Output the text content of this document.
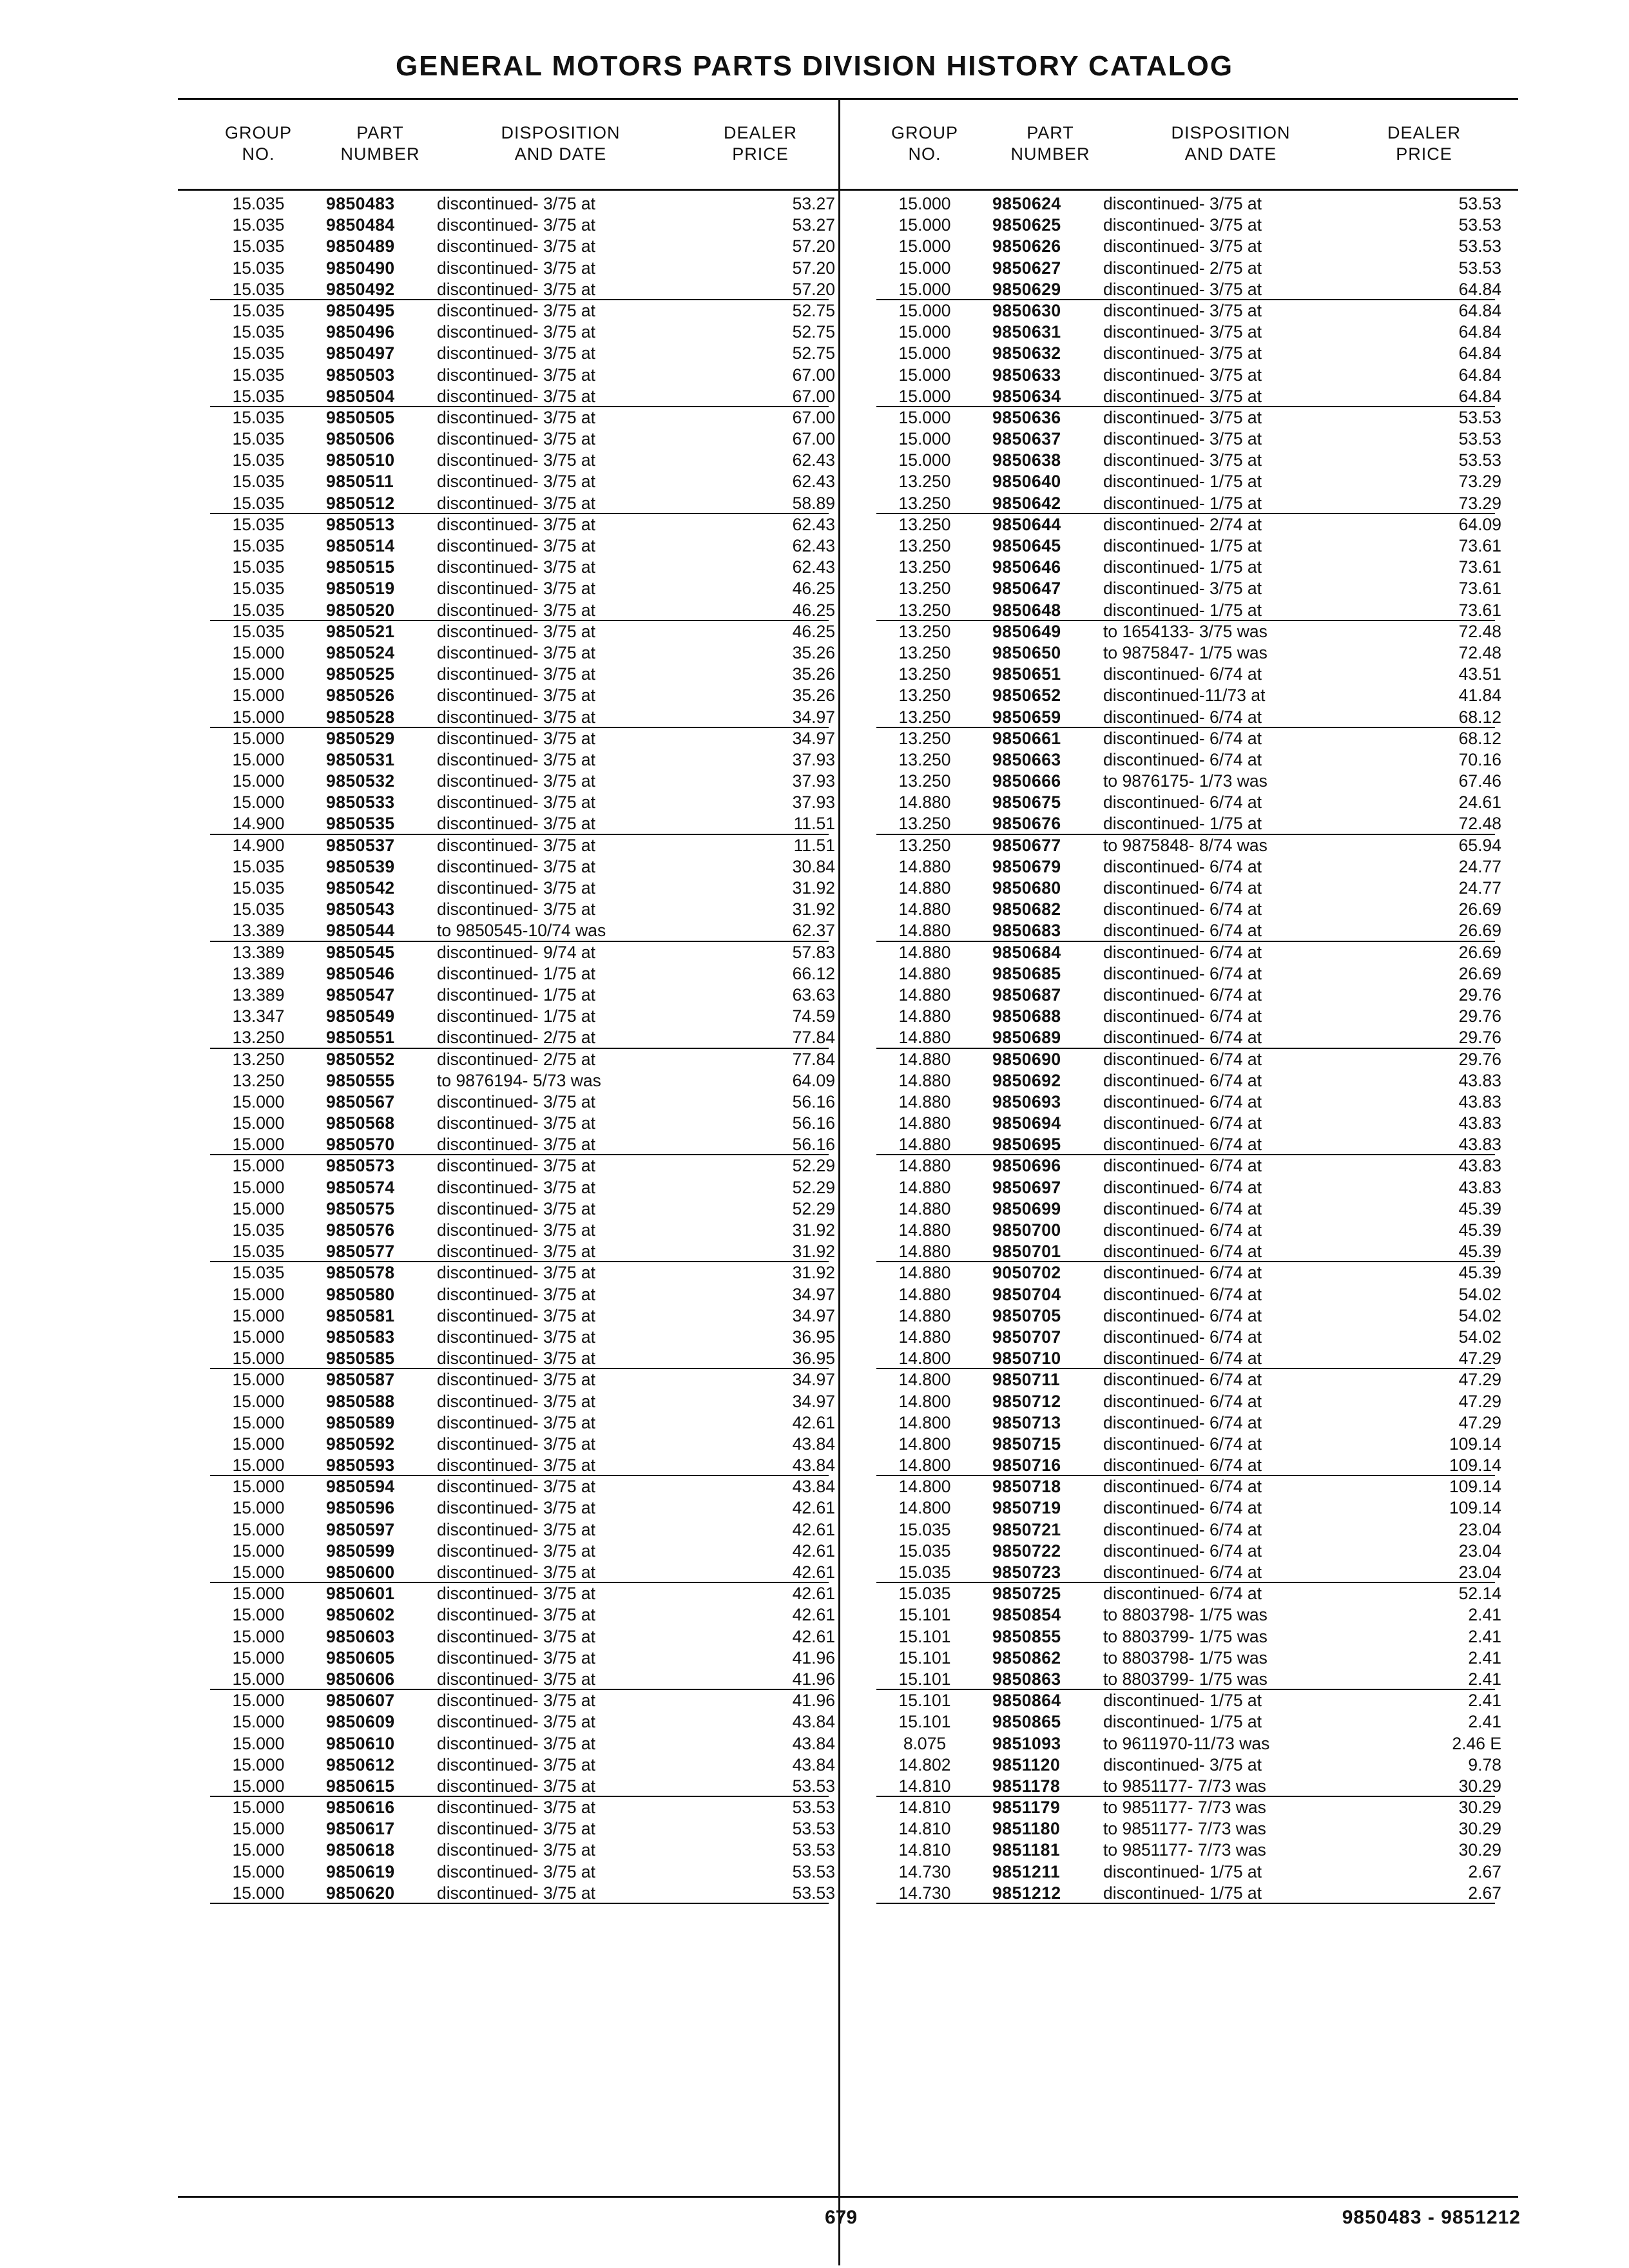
GENERAL MOTORS PARTS DIVISION HISTORY CATALOG
GROUP
NO.
PART
NUMBER
DISPOSITION
AND DATE
DEALER
PRICE
GROUP
NO.
PART
NUMBER
DISPOSITION
AND DATE
DEALER
PRICE
15.035	9850483	discontinued- 3/75 at	53.27
15.035	9850484	discontinued- 3/75 at	53.27
15.035	9850489	discontinued- 3/75 at	57.20
15.035	9850490	discontinued- 3/75 at	57.20
15.035	9850492	discontinued- 3/75 at	57.20
15.035	9850495	discontinued- 3/75 at	52.75
15.035	9850496	discontinued- 3/75 at	52.75
15.035	9850497	discontinued- 3/75 at	52.75
15.035	9850503	discontinued- 3/75 at	67.00
15.035	9850504	discontinued- 3/75 at	67.00
15.035	9850505	discontinued- 3/75 at	67.00
15.035	9850506	discontinued- 3/75 at	67.00
15.035	9850510	discontinued- 3/75 at	62.43
15.035	9850511	discontinued- 3/75 at	62.43
15.035	9850512	discontinued- 3/75 at	58.89
15.035	9850513	discontinued- 3/75 at	62.43
15.035	9850514	discontinued- 3/75 at	62.43
15.035	9850515	discontinued- 3/75 at	62.43
15.035	9850519	discontinued- 3/75 at	46.25
15.035	9850520	discontinued- 3/75 at	46.25
15.035	9850521	discontinued- 3/75 at	46.25
15.000	9850524	discontinued- 3/75 at	35.26
15.000	9850525	discontinued- 3/75 at	35.26
15.000	9850526	discontinued- 3/75 at	35.26
15.000	9850528	discontinued- 3/75 at	34.97
15.000	9850529	discontinued- 3/75 at	34.97
15.000	9850531	discontinued- 3/75 at	37.93
15.000	9850532	discontinued- 3/75 at	37.93
15.000	9850533	discontinued- 3/75 at	37.93
14.900	9850535	discontinued- 3/75 at	11.51
14.900	9850537	discontinued- 3/75 at	11.51
15.035	9850539	discontinued- 3/75 at	30.84
15.035	9850542	discontinued- 3/75 at	31.92
15.035	9850543	discontinued- 3/75 at	31.92
13.389	9850544	to 9850545-10/74 was	62.37
13.389	9850545	discontinued- 9/74 at	57.83
13.389	9850546	discontinued- 1/75 at	66.12
13.389	9850547	discontinued- 1/75 at	63.63
13.347	9850549	discontinued- 1/75 at	74.59
13.250	9850551	discontinued- 2/75 at	77.84
13.250	9850552	discontinued- 2/75 at	77.84
13.250	9850555	to 9876194- 5/73 was	64.09
15.000	9850567	discontinued- 3/75 at	56.16
15.000	9850568	discontinued- 3/75 at	56.16
15.000	9850570	discontinued- 3/75 at	56.16
15.000	9850573	discontinued- 3/75 at	52.29
15.000	9850574	discontinued- 3/75 at	52.29
15.000	9850575	discontinued- 3/75 at	52.29
15.035	9850576	discontinued- 3/75 at	31.92
15.035	9850577	discontinued- 3/75 at	31.92
15.035	9850578	discontinued- 3/75 at	31.92
15.000	9850580	discontinued- 3/75 at	34.97
15.000	9850581	discontinued- 3/75 at	34.97
15.000	9850583	discontinued- 3/75 at	36.95
15.000	9850585	discontinued- 3/75 at	36.95
15.000	9850587	discontinued- 3/75 at	34.97
15.000	9850588	discontinued- 3/75 at	34.97
15.000	9850589	discontinued- 3/75 at	42.61
15.000	9850592	discontinued- 3/75 at	43.84
15.000	9850593	discontinued- 3/75 at	43.84
15.000	9850594	discontinued- 3/75 at	43.84
15.000	9850596	discontinued- 3/75 at	42.61
15.000	9850597	discontinued- 3/75 at	42.61
15.000	9850599	discontinued- 3/75 at	42.61
15.000	9850600	discontinued- 3/75 at	42.61
15.000	9850601	discontinued- 3/75 at	42.61
15.000	9850602	discontinued- 3/75 at	42.61
15.000	9850603	discontinued- 3/75 at	42.61
15.000	9850605	discontinued- 3/75 at	41.96
15.000	9850606	discontinued- 3/75 at	41.96
15.000	9850607	discontinued- 3/75 at	41.96
15.000	9850609	discontinued- 3/75 at	43.84
15.000	9850610	discontinued- 3/75 at	43.84
15.000	9850612	discontinued- 3/75 at	43.84
15.000	9850615	discontinued- 3/75 at	53.53
15.000	9850616	discontinued- 3/75 at	53.53
15.000	9850617	discontinued- 3/75 at	53.53
15.000	9850618	discontinued- 3/75 at	53.53
15.000	9850619	discontinued- 3/75 at	53.53
15.000	9850620	discontinued- 3/75 at	53.53
15.000	9850624	discontinued- 3/75 at	53.53
15.000	9850625	discontinued- 3/75 at	53.53
15.000	9850626	discontinued- 3/75 at	53.53
15.000	9850627	discontinued- 2/75 at	53.53
15.000	9850629	discontinued- 3/75 at	64.84
15.000	9850630	discontinued- 3/75 at	64.84
15.000	9850631	discontinued- 3/75 at	64.84
15.000	9850632	discontinued- 3/75 at	64.84
15.000	9850633	discontinued- 3/75 at	64.84
15.000	9850634	discontinued- 3/75 at	64.84
15.000	9850636	discontinued- 3/75 at	53.53
15.000	9850637	discontinued- 3/75 at	53.53
15.000	9850638	discontinued- 3/75 at	53.53
13.250	9850640	discontinued- 1/75 at	73.29
13.250	9850642	discontinued- 1/75 at	73.29
13.250	9850644	discontinued- 2/74 at	64.09
13.250	9850645	discontinued- 1/75 at	73.61
13.250	9850646	discontinued- 1/75 at	73.61
13.250	9850647	discontinued- 3/75 at	73.61
13.250	9850648	discontinued- 1/75 at	73.61
13.250	9850649	to 1654133- 3/75 was	72.48
13.250	9850650	to 9875847- 1/75 was	72.48
13.250	9850651	discontinued- 6/74 at	43.51
13.250	9850652	discontinued-11/73 at	41.84
13.250	9850659	discontinued- 6/74 at	68.12
13.250	9850661	discontinued- 6/74 at	68.12
13.250	9850663	discontinued- 6/74 at	70.16
13.250	9850666	to 9876175- 1/73 was	67.46
14.880	9850675	discontinued- 6/74 at	24.61
13.250	9850676	discontinued- 1/75 at	72.48
13.250	9850677	to 9875848- 8/74 was	65.94
14.880	9850679	discontinued- 6/74 at	24.77
14.880	9850680	discontinued- 6/74 at	24.77
14.880	9850682	discontinued- 6/74 at	26.69
14.880	9850683	discontinued- 6/74 at	26.69
14.880	9850684	discontinued- 6/74 at	26.69
14.880	9850685	discontinued- 6/74 at	26.69
14.880	9850687	discontinued- 6/74 at	29.76
14.880	9850688	discontinued- 6/74 at	29.76
14.880	9850689	discontinued- 6/74 at	29.76
14.880	9850690	discontinued- 6/74 at	29.76
14.880	9850692	discontinued- 6/74 at	43.83
14.880	9850693	discontinued- 6/74 at	43.83
14.880	9850694	discontinued- 6/74 at	43.83
14.880	9850695	discontinued- 6/74 at	43.83
14.880	9850696	discontinued- 6/74 at	43.83
14.880	9850697	discontinued- 6/74 at	43.83
14.880	9850699	discontinued- 6/74 at	45.39
14.880	9850700	discontinued- 6/74 at	45.39
14.880	9850701	discontinued- 6/74 at	45.39
14.880	9050702	discontinued- 6/74 at	45.39
14.880	9850704	discontinued- 6/74 at	54.02
14.880	9850705	discontinued- 6/74 at	54.02
14.880	9850707	discontinued- 6/74 at	54.02
14.800	9850710	discontinued- 6/74 at	47.29
14.800	9850711	discontinued- 6/74 at	47.29
14.800	9850712	discontinued- 6/74 at	47.29
14.800	9850713	discontinued- 6/74 at	47.29
14.800	9850715	discontinued- 6/74 at	109.14
14.800	9850716	discontinued- 6/74 at	109.14
14.800	9850718	discontinued- 6/74 at	109.14
14.800	9850719	discontinued- 6/74 at	109.14
15.035	9850721	discontinued- 6/74 at	23.04
15.035	9850722	discontinued- 6/74 at	23.04
15.035	9850723	discontinued- 6/74 at	23.04
15.035	9850725	discontinued- 6/74 at	52.14
15.101	9850854	to 8803798- 1/75 was	2.41
15.101	9850855	to 8803799- 1/75 was	2.41
15.101	9850862	to 8803798- 1/75 was	2.41
15.101	9850863	to 8803799- 1/75 was	2.41
15.101	9850864	discontinued- 1/75 at	2.41
15.101	9850865	discontinued- 1/75 at	2.41
8.075	9851093	to 9611970-11/73 was	2.46 E
14.802	9851120	discontinued- 3/75 at	9.78
14.810	9851178	to 9851177- 7/73 was	30.29
14.810	9851179	to 9851177- 7/73 was	30.29
14.810	9851180	to 9851177- 7/73 was	30.29
14.810	9851181	to 9851177- 7/73 was	30.29
14.730	9851211	discontinued- 1/75 at	2.67
14.730	9851212	discontinued- 1/75 at	2.67
679	9850483 - 9851212
